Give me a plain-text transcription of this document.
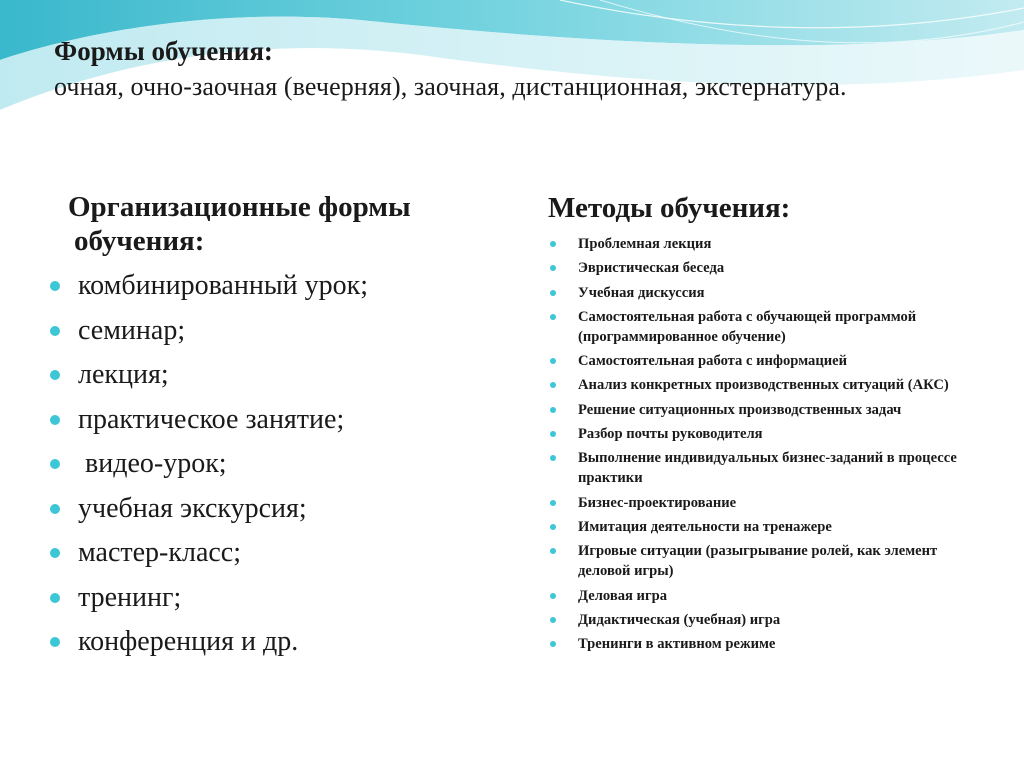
Формы обучения:

очная, очно-заочная (вечерняя), заочная, дистанционная, экстернатура.

Организационные формы
обучения:

комбинированный урок;
семинар;
лекция;
практическое занятие;
видео-урок;
учебная экскурсия;
мастер-класс;
тренинг;
конференция и др.

Методы обучения:

Проблемная лекция
Эвристическая беседа
Учебная дискуссия
Самостоятельная работа с обучающей программой (программированное обучение)
Самостоятельная работа с информацией
Анализ конкретных производственных ситуаций (АКС)
Решение ситуационных производственных задач
Разбор почты руководителя
Выполнение индивидуальных бизнес-заданий в процессе практики
Бизнес-проектирование
Имитация деятельности на тренажере
Игровые ситуации (разыгрывание ролей, как элемент деловой игры)
Деловая игра
Дидактическая (учебная) игра
Тренинги в активном режиме
